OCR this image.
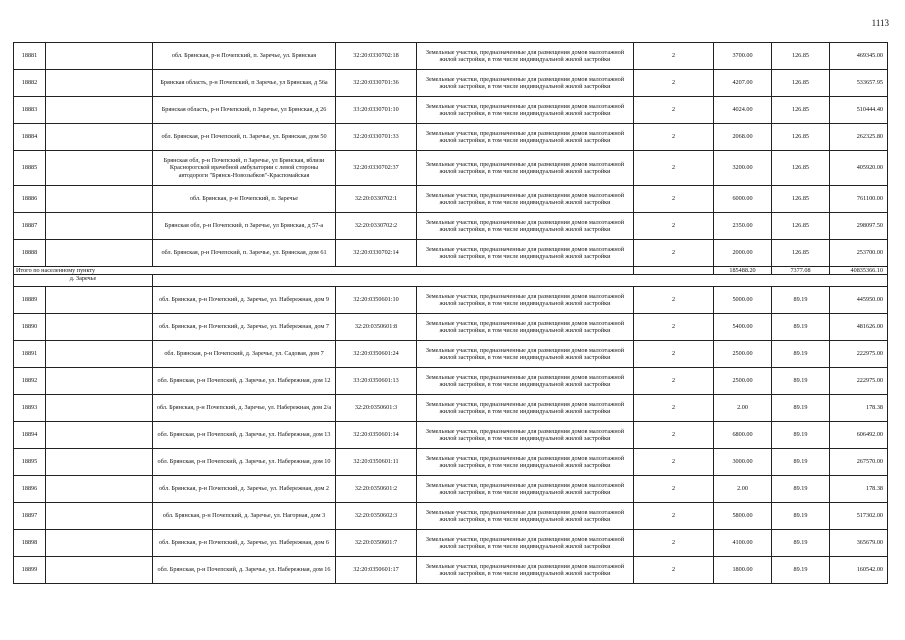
1113
18881		обл. Брянская, р-н Почепский, п. Заречье, ул. Брянская	32:20:0330702:18	Земельные участки, предназначенные для размещения домов малоэтажной жилой застройки, в том числе индивидуальной жилой застройки	2	3700.00	126.85	469345.00
18882		Брянская область, р-н Почепский, п Заречье, ул Брянская, д 56а	32:20:0330701:36	Земельные участки, предназначенные для размещения домов малоэтажной жилой застройки, в том числе индивидуальной жилой застройки	2	4207.00	126.85	533657.95
18883		Брянская область, р-н Почепский, п Заречье, ул Брянская, д 26	33:20:0330701:10	Земельные участки, предназначенные для размещения домов малоэтажной жилой застройки, в том числе индивидуальной жилой застройки	2	4024.00	126.85	510444.40
18884		обл. Брянская, р-н Почепский, п. Заречье, ул. Брянская, дом 50	32:20:0330701:33	Земельные участки, предназначенные для размещения домов малоэтажной жилой застройки, в том числе индивидуальной жилой застройки	2	2068.00	126.85	262325.80
18885		Брянская обл, р-н Почепский, п Заречье, ул Брянская, вблизи Краснорогской врачебной амбулатории с левой стороны автодороги "Брянск-Новозыбков"-Краспомайская	32:20:0330702:37	Земельные участки, предназначенные для размещения домов малоэтажной жилой застройки, в том числе индивидуальной жилой застройки	2	3200.00	126.85	405920.00
18886		обл. Брянская, р-н Почепский, п. Заречье	32:20:0330702:1	Земельные участки, предназначенные для размещения домов малоэтажной жилой застройки, в том числе индивидуальной жилой застройки	2	6000.00	126.85	761100.00
18887		Брянская обл, р-н Почепский, п Заречье, ул Брянская, д 57-а	32:20:0330702:2	Земельные участки, предназначенные для размещения домов малоэтажной жилой застройки, в том числе индивидуальной жилой застройки	2	2350.00	126.85	298097.50
18888		обл. Брянская, р-н Почепский, п. Заречье, ул. Брянская, дом 61	32:20:0330702:14	Земельные участки, предназначенные для размещения домов малоэтажной жилой застройки, в том числе индивидуальной жилой застройки	2	2000.00	126.85	253700.00
Итого по населенному пункту						185488.20	7377.08	40835366.10
д. Заречье								
18889		обл. Брянская, р-н Почепский, д. Заречье, ул. Набережная, дом 9	32:20:0350601:10	Земельные участки, предназначенные для размещения домов малоэтажной жилой застройки, в том числе индивидуальной жилой застройки	2	5000.00	89.19	445950.00
18890		обл. Брянская, р-н Почепский, д. Заречье, ул. Набережная, дом 7	32:20:0350601:8	Земельные участки, предназначенные для размещения домов малоэтажной жилой застройки, в том числе индивидуальной жилой застройки	2	5400.00	89.19	481626.00
18891		обл. Брянская, р-н Почепский, д. Заречье, ул. Садовая, дом 7	32:20:0350601:24	Земельные участки, предназначенные для размещения домов малоэтажной жилой застройки, в том числе индивидуальной жилой застройки	2	2500.00	89.19	222975.00
18892		обл. Брянская, р-н Почепский, д. Заречье, ул. Набережная, дом 12	33:20:0350601:13	Земельные участки, предназначенные для размещения домов малоэтажной жилой застройки, в том числе индивидуальной жилой застройки	2	2500.00	89.19	222975.00
18893		обл. Брянская, р-н Почепский, д. Заречье, ул. Набережная, дом 2/а	32:20:0350601:3	Земельные участки, предназначенные для размещения домов малоэтажной жилой застройки, в том числе индивидуальной жилой застройки	2	2.00	89.19	178.38
18894		обл. Брянская, р-н Почепский, д. Заречье, ул. Набережная, дом 13	32:20:0350601:14	Земельные участки, предназначенные для размещения домов малоэтажной жилой застройки, в том числе индивидуальной жилой застройки	2	6800.00	89.19	606492.00
18895		обл. Брянская, р-н Почепский, д. Заречье, ул. Набережная, дом 10	32:20:0350601:11	Земельные участки, предназначенные для размещения домов малоэтажной жилой застройки, в том числе индивидуальной жилой застройки	2	3000.00	89.19	267570.00
18896		обл. Брянская, р-н Почепский, д. Заречье, ул. Набережная, дом 2	32:20:0350601:2	Земельные участки, предназначенные для размещения домов малоэтажной жилой застройки, в том числе индивидуальной жилой застройки	2	2.00	89.19	178.38
18897		обл. Брянская, р-н Почепский, д. Заречье, ул. Нагорная, дом 3	32:20:0350602:3	Земельные участки, предназначенные для размещения домов малоэтажной жилой застройки, в том числе индивидуальной жилой застройки	2	5800.00	89.19	517302.00
18898		обл. Брянская, р-н Почепский, д. Заречье, ул. Набережная, дом 6	32:20:0350601:7	Земельные участки, предназначенные для размещения домов малоэтажной жилой застройки, в том числе индивидуальной жилой застройки	2	4100.00	89.19	365679.00
18899		обл. Брянская, р-н Почепский, д. Заречье, ул. Набережная, дом 16	32:20:0350601:17	Земельные участки, предназначенные для размещения домов малоэтажной жилой застройки, в том числе индивидуальной жилой застройки	2	1800.00	89.19	160542.00
